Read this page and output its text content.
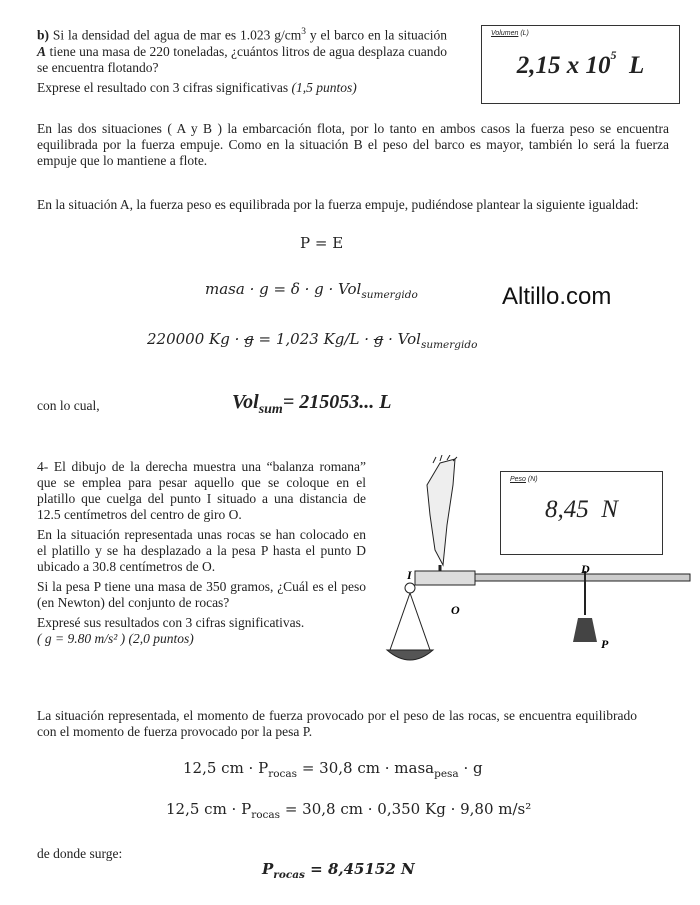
b) Si la densidad del agua de mar es 1.023 $g/cm^3$ y el barco en la situación A tiene una masa de 220 toneladas, ¿cuántos litros de agua desplaza cuando se encuentra flotando?
Exprese el resultado con 3 cifras significativas (1,5 puntos)
Volumen (L)
2,15 x $10^5$ L
En las dos situaciones ( A y B ) la embarcación flota, por lo tanto en ambos casos la fuerza peso se encuentra equilibrada por la fuerza empuje. Como en la situación B el peso del barco es mayor, también lo será la fuerza empuje que lo mantiene a flote.
En la situación A, la fuerza peso es equilibrada por la fuerza empuje, pudiéndose plantear la siguiente igualdad:
P = E
masa · g = δ · g · Vol$_{sumergido}$	Altillo.com
220000 Kg · g = 1,023 Kg/L · g · Vol$_{sumergido}$
con lo cual,	Vol$_{sum}$= 215053... L
4- El dibujo de la derecha muestra una “balanza romana” que se emplea para pesar aquello que se coloque en el platillo que cuelga del punto I situado a una distancia de 12.5 centímetros del centro de giro O.
En la situación representada unas rocas se han colocado en el platillo y se ha desplazado a la pesa P hasta el punto D ubicado a 30.8 centímetros de O.
Si la pesa P tiene una masa de 350 gramos, ¿Cuál es el peso (en Newton) del conjunto de rocas?
Expresé sus resultados con 3 cifras significativas.
( g = 9.80 m/s² ) (2,0 puntos)
I
O
D
P
Peso (N)
8,45  N
La situación representada, el momento de fuerza provocado por el peso de las rocas, se encuentra equilibrado con el momento de fuerza provocado por la pesa P.
12,5 cm · $P_{rocas} = 30,8$ cm · masa$_{pesa}$ · g
12,5 cm · $P_{rocas} = 30,8$ cm · 0,350 Kg · 9,80 m/s²
de donde surge:
$P_{rocas} = 8,45152$ N
